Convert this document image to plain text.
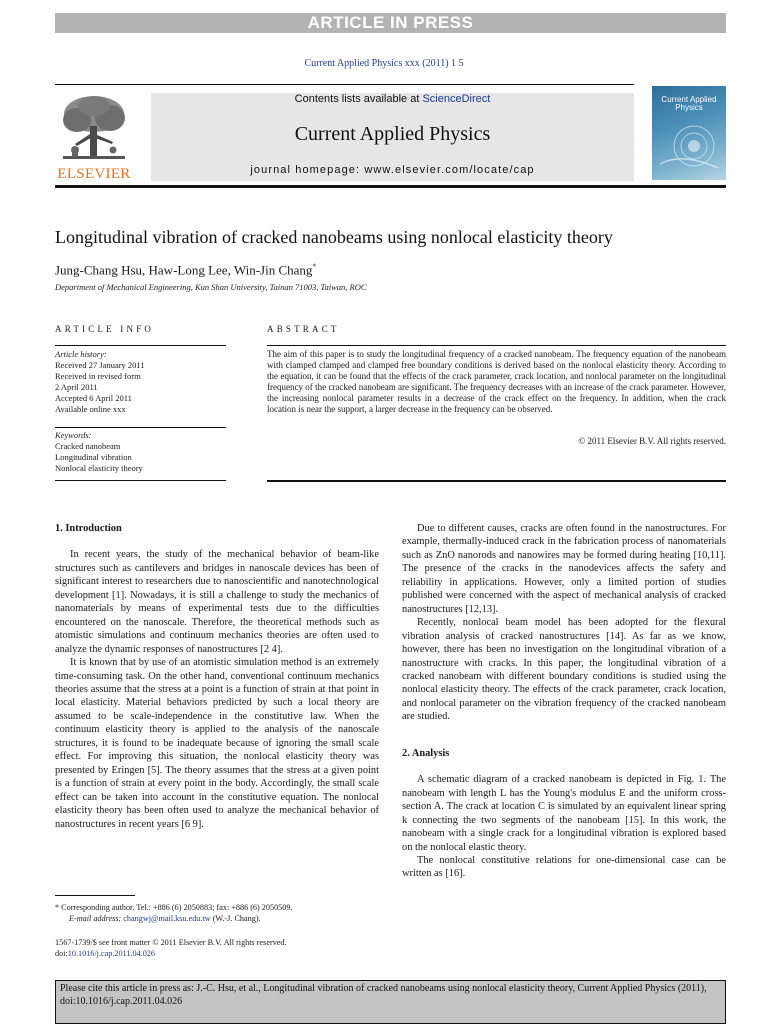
ARTICLE IN PRESS
Current Applied Physics xxx (2011) 1 5
ELSEVIER
Contents lists available at ScienceDirect
Current Applied Physics
journal homepage: www.elsevier.com/locate/cap
Current Applied Physics
Longitudinal vibration of cracked nanobeams using nonlocal elasticity theory
Jung-Chang Hsu, Haw-Long Lee, Win-Jin Chang*
Department of Mechanical Engineering, Kun Shan University, Tainan 71003, Taiwan, ROC
ARTICLE INFO	ABSTRACT
Article history:
Received 27 January 2011
Received in revised form
2 April 2011
Accepted 6 April 2011
Available online xxx
Keywords:
Cracked nanobeam
Longitudinal vibration
Nonlocal elasticity theory
The aim of this paper is to study the longitudinal frequency of a cracked nanobeam. The frequency equation of the nanobeam with clamped clamped and clamped free boundary conditions is derived based on the nonlocal elasticity theory. According to the equation, it can be found that the effects of the crack parameter, crack location, and nonlocal parameter on the longitudinal frequency of the cracked nanobeam are significant. The frequency decreases with an increase of the crack parameter. However, the increasing nonlocal parameter results in a decrease of the crack effect on the frequency. In addition, when the crack location is near the support, a larger decrease in the frequency can be observed.
© 2011 Elsevier B.V. All rights reserved.
1. Introduction

In recent years, the study of the mechanical behavior of beam-like structures such as cantilevers and bridges in nanoscale devices has been of significant interest to researchers due to nanoscientific and nanotechnological development [1]. Nowadays, it is still a challenge to study the mechanics of nanomaterials by means of experimental tests due to the difficulties encountered on the nanoscale. Therefore, the theoretical methods such as atomistic simulations and continuum mechanics theories are often used to analyze the dynamic responses of nanostructures [2 4].

It is known that by use of an atomistic simulation method is an extremely time-consuming task. On the other hand, conventional continuum mechanics theories assume that the stress at a point is a function of strain at that point in local elasticity. Material behaviors predicted by such a local theory are assumed to be scale-independence in the constitutive law. When the continuum elasticity theory is applied to the analysis of the nanoscale structures, it is found to be inadequate because of ignoring the small scale effect. For improving this situation, the nonlocal elasticity theory was presented by Eringen [5]. The theory assumes that the stress at a given point is a function of strain at every point in the body. Accordingly, the small scale effect can be taken into account in the constitutive equation. The nonlocal elasticity theory has been often used to analyze the mechanical behavior of nanostructures in recent years [6 9].

Due to different causes, cracks are often found in the nanostructures. For example, thermally-induced crack in the fabrication process of nanomaterials such as ZnO nanorods and nanowires may be formed during heating [10,11]. The presence of the cracks in the nanodevices affects the safety and reliability in applications. However, only a limited portion of studies published were concerned with the aspect of mechanical analysis of cracked nanostructures [12,13].

Recently, nonlocal beam model has been adopted for the flexural vibration analysis of cracked nanostructures [14]. As far as we know, however, there has been no investigation on the longitudinal vibration of a nanostructure with cracks. In this paper, the longitudinal vibration of a cracked nanobeam with different boundary conditions is studied using the nonlocal elasticity theory. The effects of the crack parameter, crack location, and nonlocal parameter on the vibration frequency of the cracked nanobeam are studied.

2. Analysis

A schematic diagram of a cracked nanobeam is depicted in Fig. 1. The nanobeam with length L has the Young's modulus E and the uniform cross-section A. The crack at location C is simulated by an equivalent linear spring k connecting the two segments of the nanobeam [15]. In this work, the nanobeam with a single crack for a longitudinal vibration is explored based on the nonlocal elastic theory.

The nonlocal constitutive relations for one-dimensional case can be written as [16].

* Corresponding author. Tel.: +886 (6) 2050883; fax: +886 (6) 2050509.
E-mail address: changwj@mail.ksu.edu.tw (W.-J. Chang).
1567-1739/$ see front matter © 2011 Elsevier B.V. All rights reserved.
doi:10.1016/j.cap.2011.04.026
Please cite this article in press as: J.-C. Hsu, et al., Longitudinal vibration of cracked nanobeams using nonlocal elasticity theory, Current Applied Physics (2011), doi:10.1016/j.cap.2011.04.026
